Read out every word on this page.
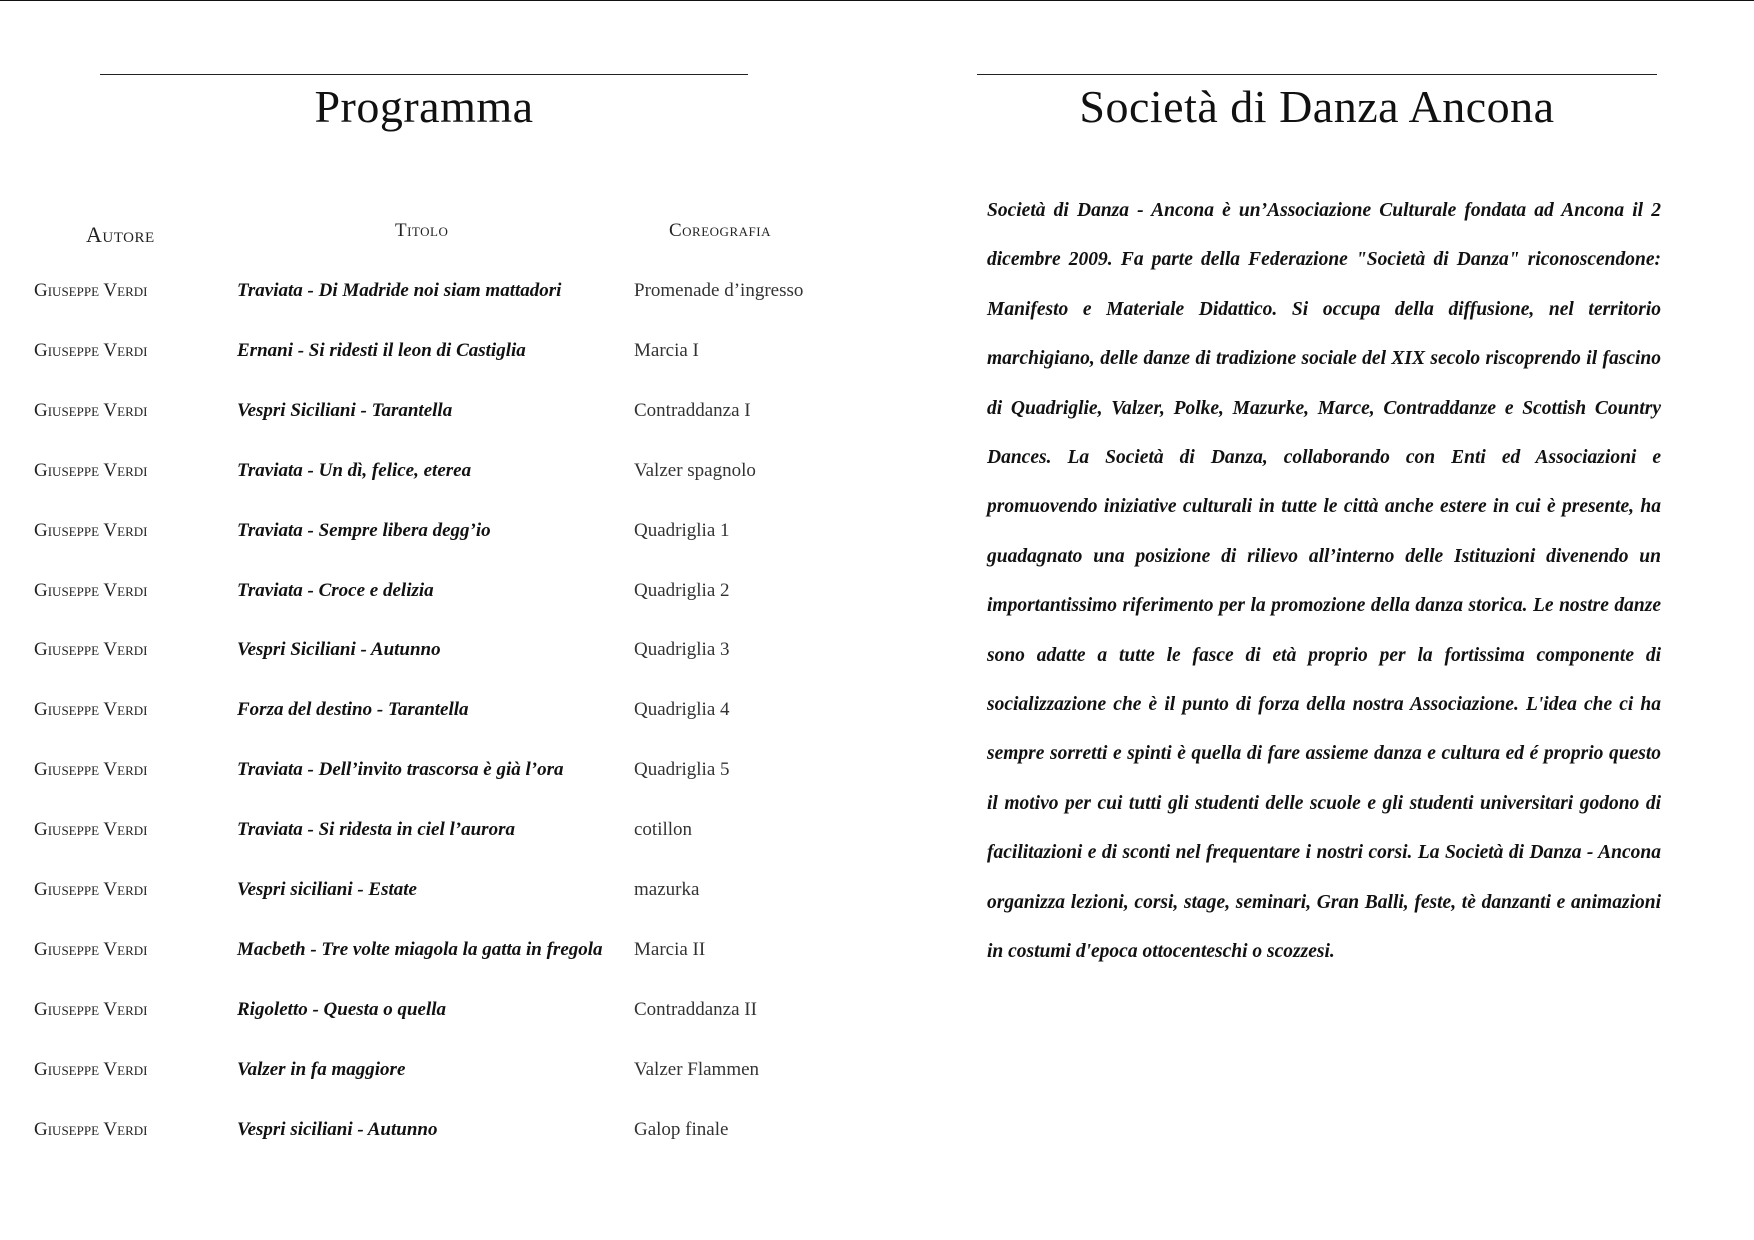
Programma
Autore	Titolo	Coreografia
Giuseppe Verdi	Traviata - Di Madride noi siam mattadori	Promenade d’ingresso
Giuseppe Verdi	Ernani - Si ridesti il leon di Castiglia	Marcia I
Giuseppe Verdi	Vespri Siciliani - Tarantella	Contraddanza I
Giuseppe Verdi	Traviata - Un dì, felice, eterea	Valzer spagnolo
Giuseppe Verdi	Traviata - Sempre libera degg’io	Quadriglia 1
Giuseppe Verdi	Traviata - Croce e delizia	Quadriglia 2
Giuseppe Verdi	Vespri Siciliani - Autunno	Quadriglia 3
Giuseppe Verdi	Forza del destino - Tarantella	Quadriglia 4
Giuseppe Verdi	Traviata - Dell’invito trascorsa è già l’ora	Quadriglia 5
Giuseppe Verdi	Traviata - Si ridesta in ciel l’aurora	cotillon
Giuseppe Verdi	Vespri siciliani - Estate	mazurka
Giuseppe Verdi	Macbeth - Tre volte miagola la gatta in fregola	Marcia II
Giuseppe Verdi	Rigoletto - Questa o quella	Contraddanza II
Giuseppe Verdi	Valzer in fa maggiore	Valzer Flammen
Giuseppe Verdi	Vespri siciliani - Autunno	Galop finale
Società di Danza Ancona

Società di Danza - Ancona è un’Associazione Culturale fondata ad Ancona il 2 dicembre 2009. Fa parte della Federazione "Società di Danza" riconoscendone: Manifesto e Materiale Didattico. Si occupa della diffusione, nel territorio marchigiano, delle danze di tradizione sociale del XIX secolo riscoprendo il fascino di Quadriglie, Valzer, Polke, Mazurke, Marce, Contraddanze e Scottish Country Dances. La Società di Danza, collaborando con Enti ed Associazioni e promuovendo iniziative culturali in tutte le città anche estere in cui è presente, ha guadagnato una posizione di rilievo all’interno delle Istituzioni divenendo un importantissimo riferimento per la promozione della danza storica. Le nostre danze sono adatte a tutte le fasce di età proprio per la fortissima componente di socializzazione che è il punto di forza della nostra Associazione. L'idea che ci ha sempre sorretti e spinti è quella di fare assieme danza e cultura ed é proprio questo il motivo per cui tutti gli studenti delle scuole e gli studenti universitari godono di facilitazioni e di sconti nel frequentare i nostri corsi. La Società di Danza - Ancona organizza lezioni, corsi, stage, seminari, Gran Balli, feste, tè danzanti e animazioni in costumi d'epoca ottocenteschi o scozzesi.
